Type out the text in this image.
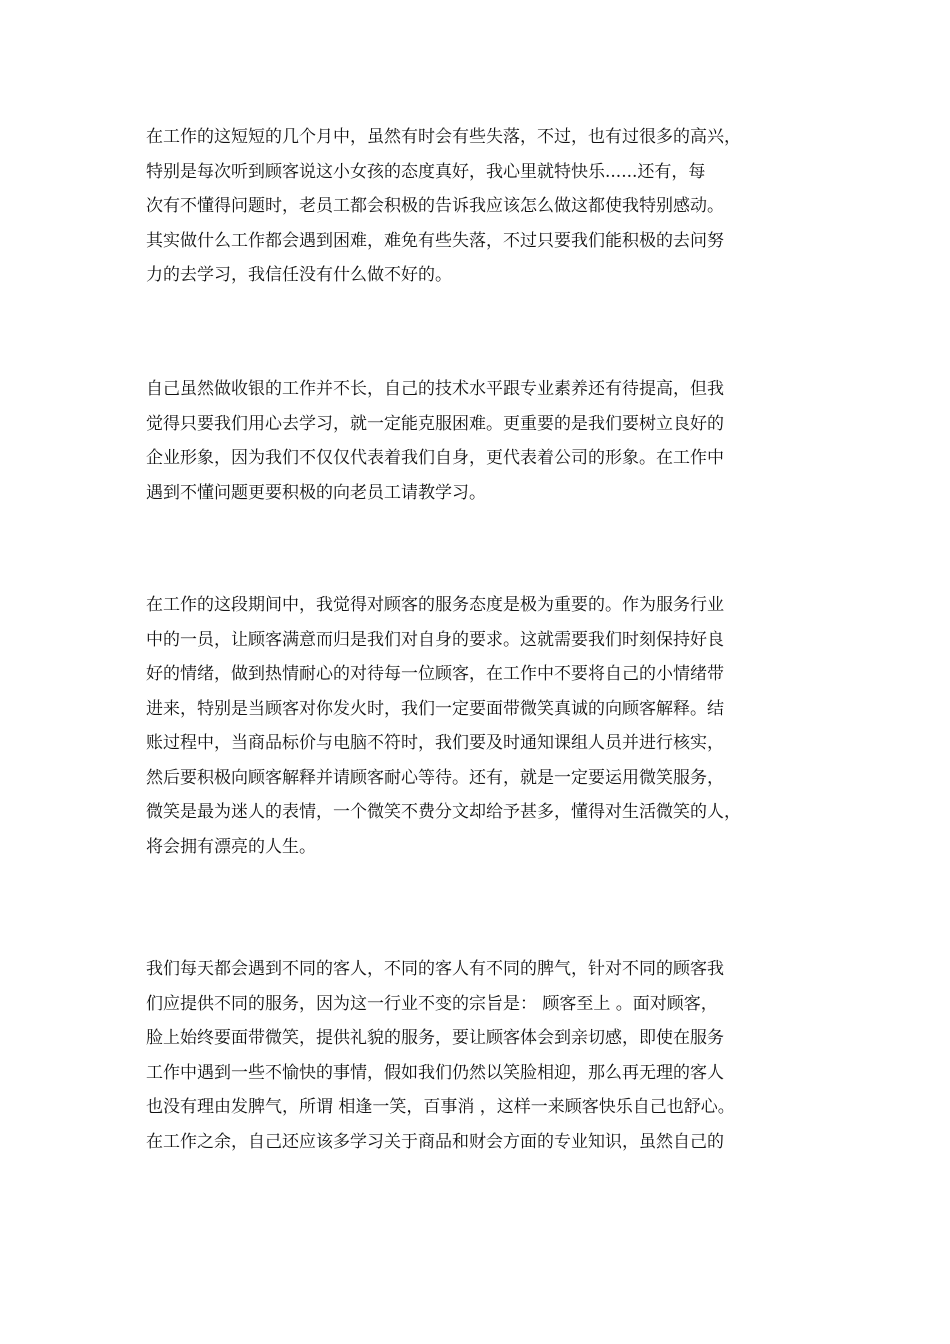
在工作的这短短的几个月中，虽然有时会有些失落，不过，也有过很多的高兴，
特别是每次听到顾客说这小女孩的态度真好，我心里就特快乐......还有，每
次有不懂得问题时，老员工都会积极的告诉我应该怎么做这都使我特别感动。
其实做什么工作都会遇到困难，难免有些失落，不过只要我们能积极的去问努
力的去学习，我信任没有什么做不好的。
自己虽然做收银的工作并不长，自己的技术水平跟专业素养还有待提高，但我
觉得只要我们用心去学习，就一定能克服困难。更重要的是我们要树立良好的
企业形象，因为我们不仅仅代表着我们自身，更代表着公司的形象。在工作中
遇到不懂问题更要积极的向老员工请教学习。
在工作的这段期间中，我觉得对顾客的服务态度是极为重要的。作为服务行业
中的一员，让顾客满意而归是我们对自身的要求。这就需要我们时刻保持好良
好的情绪，做到热情耐心的对待每一位顾客，在工作中不要将自己的小情绪带
进来，特别是当顾客对你发火时，我们一定要面带微笑真诚的向顾客解释。结
账过程中，当商品标价与电脑不符时，我们要及时通知课组人员并进行核实，
然后要积极向顾客解释并请顾客耐心等待。还有，就是一定要运用微笑服务，
微笑是最为迷人的表情，一个微笑不费分文却给予甚多，懂得对生活微笑的人，
将会拥有漂亮的人生。
我们每天都会遇到不同的客人，不同的客人有不同的脾气，针对不同的顾客我
们应提供不同的服务，因为这一行业不变的宗旨是： 顾客至上 。面对顾客，
脸上始终要面带微笑，提供礼貌的服务，要让顾客体会到亲切感，即使在服务
工作中遇到一些不愉快的事情，假如我们仍然以笑脸相迎，那么再无理的客人
也没有理由发脾气，所谓 相逢一笑，百事消 ，这样一来顾客快乐自己也舒心。
在工作之余，自己还应该多学习关于商品和财会方面的专业知识，虽然自己的
